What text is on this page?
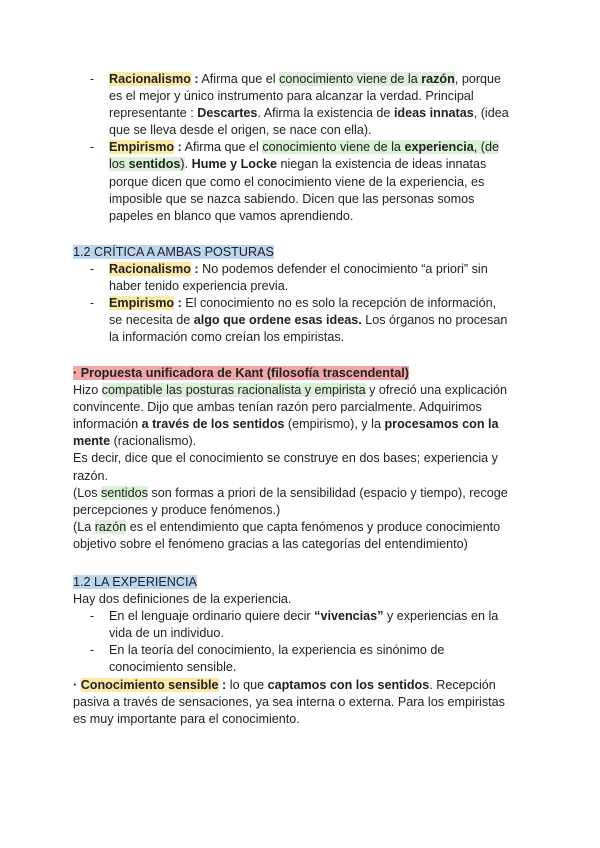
- Racionalismo : Afirma que el conocimiento viene de la razón, porque
es el mejor y único instrumento para alcanzar la verdad. Principal
representante : Descartes. Afirma la existencia de ideas innatas, (idea
que se lleva desde el origen, se nace con ella).
- Empirismo : Afirma que el conocimiento viene de la experiencia, (de
los sentidos). Hume y Locke niegan la existencia de ideas innatas
porque dicen que como el conocimiento viene de la experiencia, es
imposible que se nazca sabiendo. Dicen que las personas somos
papeles en blanco que vamos aprendiendo.
1.2 CRÍTICA A AMBAS POSTURAS
- Racionalismo : No podemos defender el conocimiento “a priori” sin
haber tenido experiencia previa.
- Empirismo : El conocimiento no es solo la recepción de información,
se necesita de algo que ordene esas ideas. Los órganos no procesan
la información como creían los empiristas.
· Propuesta unificadora de Kant (filosofía trascendental)
Hizo compatible las posturas racionalista y empirista y ofreció una explicación
convincente. Dijo que ambas tenían razón pero parcialmente. Adquirimos
información a través de los sentidos (empirismo), y la procesamos con la
mente (racionalismo).
Es decir, dice que el conocimiento se construye en dos bases; experiencia y
razón.
(Los sentidos son formas a priori de la sensibilidad (espacio y tiempo), recoge
percepciones y produce fenómenos.)
(La razón es el entendimiento que capta fenómenos y produce conocimiento
objetivo sobre el fenómeno gracias a las categorías del entendimiento)
1.2 LA EXPERIENCIA
Hay dos definiciones de la experiencia.
- En el lenguaje ordinario quiere decir “vivencias” y experiencias en la
vida de un individuo.
- En la teoría del conocimiento, la experiencia es sinónimo de
conocimiento sensible.
· Conocimiento sensible : lo que captamos con los sentidos. Recepción
pasiva a través de sensaciones, ya sea interna o externa. Para los empiristas
es muy importante para el conocimiento.
